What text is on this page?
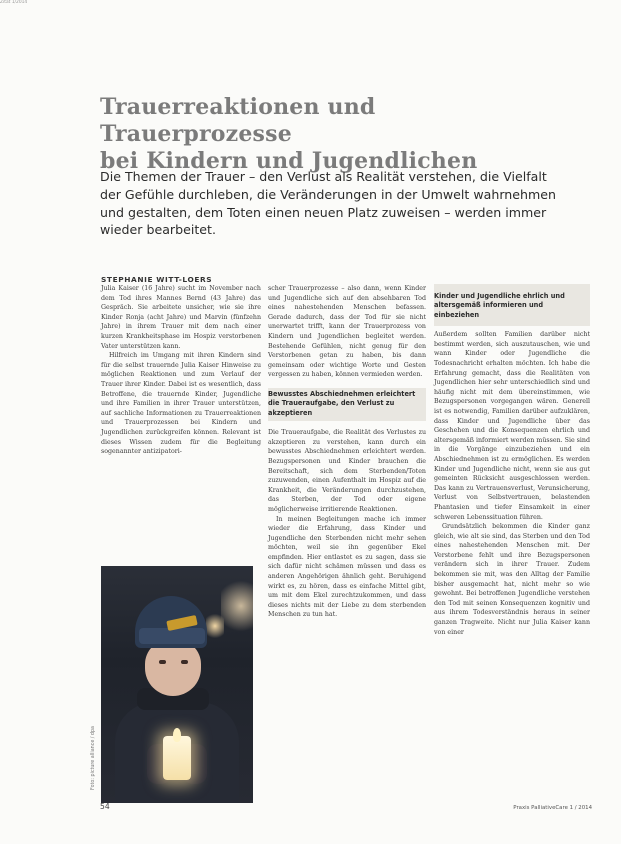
Zitat 1/2014
Trauerreaktionen und Trauerprozesse
bei Kindern und Jugendlichen

Die Themen der Trauer – den Verlust als Realität verstehen, die Vielfalt der Gefühle durchleben, die Veränderungen in der Umwelt wahrnehmen und gestalten, dem Toten einen neuen Platz zuweisen – werden immer wieder bearbeitet.

STEPHANIE WITT-LOERS

Julia Kaiser (16 Jahre) sucht im November nach dem Tod ihres Mannes Bernd (43 Jahre) das Gespräch. Sie arbeitete unsicher, wie sie ihre Kinder Ronja (acht Jahre) und Marvin (fünfzehn Jahre) in ihrem Trauer mit dem nach einer kurzen Krankheitsphase im Hospiz verstorbenen Vater unterstützen kann.

Hilfreich im Umgang mit ihren Kindern sind für die selbst trauernde Julia Kaiser Hinweise zu möglichen Reaktionen und zum Verlauf der Trauer ihrer Kinder. Dabei ist es wesentlich, dass Betroffene, die trauernde Kinder, Jugendliche und ihre Familien in ihrer Trauer unterstützen, auf sachliche Informationen zu Trauerreaktionen und Trauerprozessen bei Kindern und Jugendlichen zurückgreifen können. Relevant ist dieses Wissen zudem für die Begleitung sogenannter antizipatori-

Foto: picture alliance / dpa

scher Trauerprozesse – also dann, wenn Kinder und Jugendliche sich auf den absehbaren Tod eines nahestehenden Menschen befassen. Gerade dadurch, dass der Tod für sie nicht unerwartet trifft, kann der Trauerprozess von Kindern und Jugendlichen begleitet werden. Bestehende Gefühlen, nicht genug für den Verstorbenen getan zu haben, bis dann gemeinsam oder wichtige Worte und Gesten vergessen zu haben, können vermieden werden.

Bewusstes Abschiednehmen erleichtert die Traueraufgabe, den Verlust zu akzeptieren

Die Traueraufgabe, die Realität des Verlustes zu akzeptieren zu verstehen, kann durch ein bewusstes Abschiednehmen erleichtert werden. Bezugspersonen und Kinder brauchen die Bereitschaft, sich dem Sterbenden/Toten zuzuwenden, einen Aufenthalt im Hospiz auf die Krankheit, die Veränderungen durchzustehen, das Sterben, der Tod oder eigene möglicherweise irritierende Reaktionen.

In meinen Begleitungen mache ich immer wieder die Erfahrung, dass Kinder und Jugendliche den Sterbenden nicht mehr sehen möchten, weil sie ihn gegenüber Ekel empfinden. Hier entlastet es zu sagen, dass sie sich dafür nicht schämen müssen und dass es anderen Angehörigen ähnlich geht. Beruhigend wirkt es, zu hören, dass es einfache Mittel gibt, um mit dem Ekel zurechtzukommen, und dass dieses nichts mit der Liebe zu dem sterbenden Menschen zu tun hat.

Kinder und Jugendliche ehrlich und altersgemäß informieren und einbeziehen

Außerdem sollten Familien darüber nicht bestimmt werden, sich auszutauschen, wie und wann Kinder oder Jugendliche die Todesnachricht erhalten möchten. Ich habe die Erfahrung gemacht, dass die Realitäten von Jugendlichen hier sehr unterschiedlich sind und häufig nicht mit dem übereinstimmen, wie Bezugspersonen vorgegangen wären. Generell ist es notwendig, Familien darüber aufzuklären, dass Kinder und Jugendliche über das Geschehen und die Konsequenzen ehrlich und altersgemäß informiert werden müssen. Sie sind in die Vorgänge einzubeziehen und ein Abschiednehmen ist zu ermöglichen. Es werden Kinder und Jugendliche nicht, wenn sie aus gut gemeinten Rücksicht ausgeschlossen werden. Das kann zu Vertrauensverlust, Verunsicherung, Verlust von Selbstvertrauen, belastenden Phantasien und tiefer Einsamkeit in einer schweren Lebenssituation führen.

Grundsätzlich bekommen die Kinder ganz gleich, wie alt sie sind, das Sterben und den Tod eines nahestehenden Menschen mit. Der Verstorbene fehlt und ihre Bezugspersonen verändern sich in ihrer Trauer. Zudem bekommen sie mit, was den Alltag der Familie bisher ausgemacht hat, nicht mehr so wie gewohnt. Bei betroffenen Jugendliche verstehen den Tod mit seinen Konsequenzen kognitiv und aus ihrem Todesverständnis heraus in seiner ganzen Tragweite. Nicht nur Julia Kaiser kann von einer

54	Praxis PalliativeCare 1 / 2014
